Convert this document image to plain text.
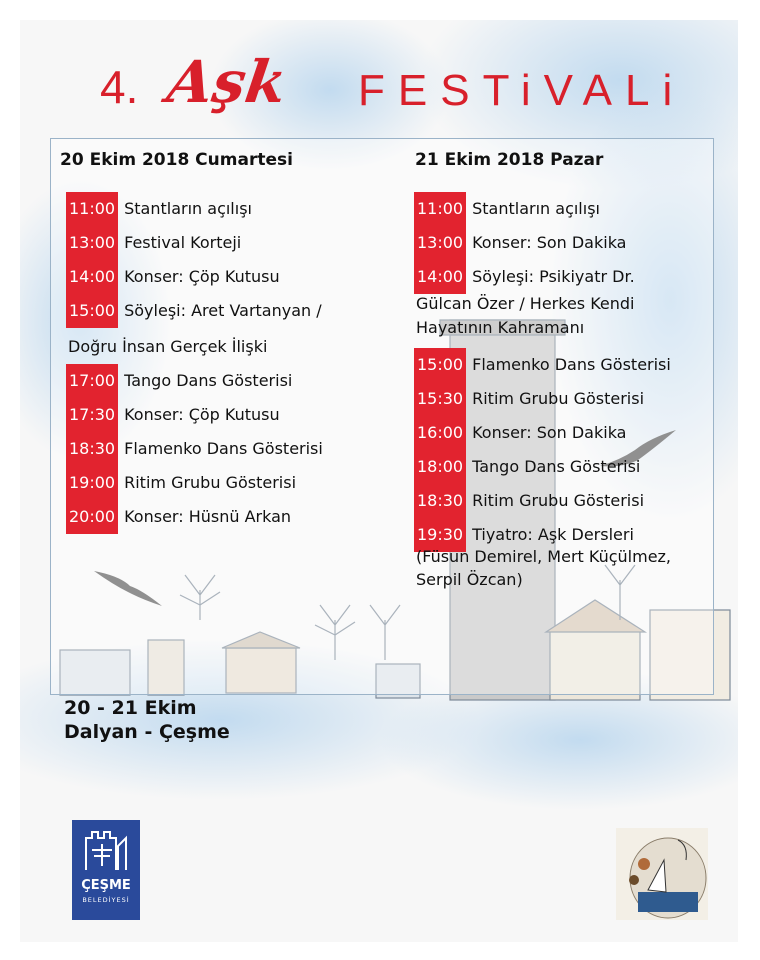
4. Aşk FESTiVALi
20 Ekim 2018 Cumartesi
11:00 Stantların açılışı
13:00 Festival Korteji
14:00 Konser: Çöp Kutusu
15:00 Söyleşi: Aret Vartanyan /
Doğru İnsan Gerçek İlişki
17:00 Tango Dans Gösterisi
17:30 Konser: Çöp Kutusu
18:30 Flamenko Dans Gösterisi
19:00 Ritim Grubu Gösterisi
20:00 Konser: Hüsnü Arkan
21 Ekim 2018 Pazar
11:00 Stantların açılışı
13:00 Konser: Son Dakika
14:00 Söyleşi: Psikiyatr Dr.
Gülcan Özer / Herkes Kendi
Hayatının Kahramanı
15:00 Flamenko Dans Gösterisi
15:30 Ritim Grubu Gösterisi
16:00 Konser: Son Dakika
18:00 Tango Dans Gösterisi
18:30 Ritim Grubu Gösterisi
19:30 Tiyatro: Aşk Dersleri
(Füsun Demirel, Mert Küçülmez,
Serpil Özcan)
20 - 21 Ekim
Dalyan - Çeşme
ÇEŞME
BELEDİYESİ
